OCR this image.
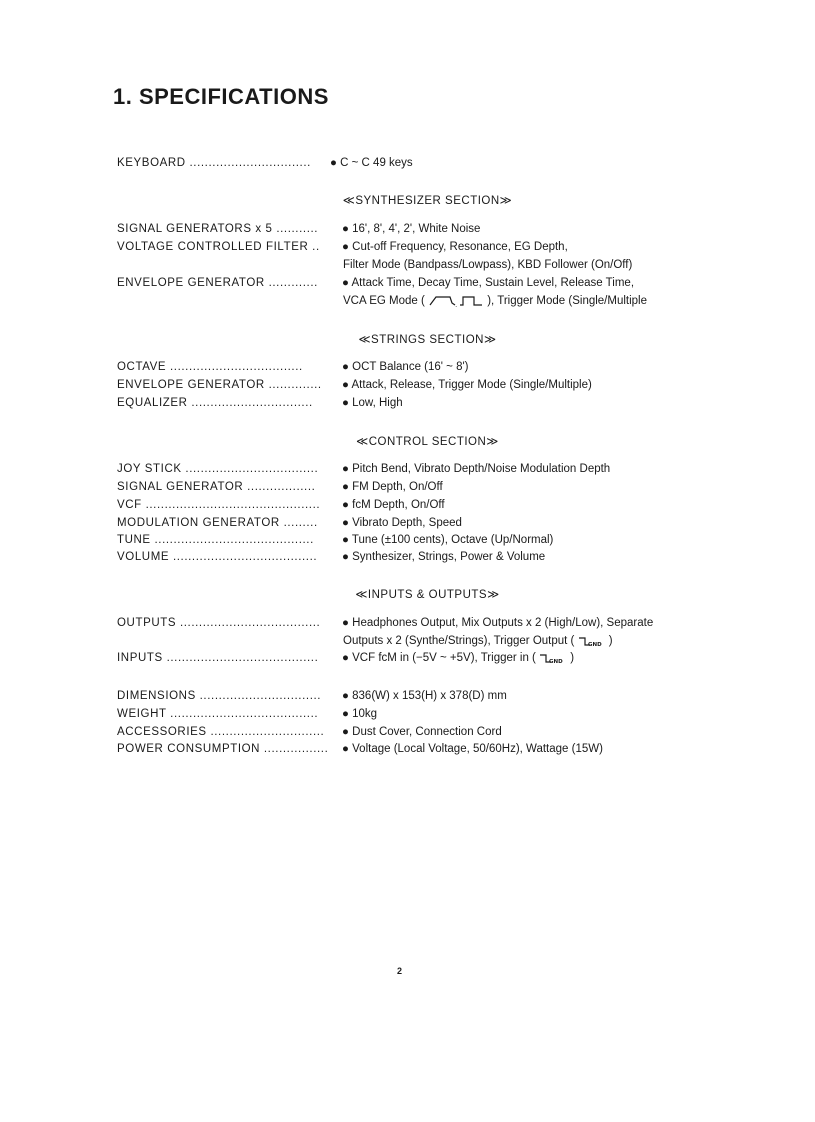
1. SPECIFICATIONS
KEYBOARD ................................ ● C ~ C 49 keys
≪SYNTHESIZER SECTION≫
SIGNAL GENERATORS x 5 ........... ● 16', 8', 4', 2', White Noise
VOLTAGE CONTROLLED FILTER .. ● Cut-off Frequency, Resonance, EG Depth,
Filter Mode (Bandpass/Lowpass), KBD Follower (On/Off)
ENVELOPE GENERATOR ............. ● Attack Time, Decay Time, Sustain Level, Release Time,
VCA EG Mode (	,	), Trigger Mode (Single/Multiple
≪STRINGS SECTION≫
OCTAVE ...................................	● OCT Balance (16' ~ 8')
ENVELOPE GENERATOR .............. ● Attack, Release, Trigger Mode (Single/Multiple)
EQUALIZER ................................	● Low, High
≪CONTROL SECTION≫
JOY STICK ................................... ● Pitch Bend, Vibrato Depth/Noise Modulation Depth
SIGNAL GENERATOR .................. ● FM Depth, On/Off
VCF .............................................. ● fcM Depth, On/Off
MODULATION GENERATOR ......... ● Vibrato Depth, Speed
TUNE .......................................... ● Tune (±100 cents), Octave (Up/Normal)
VOLUME ...................................... ● Synthesizer, Strings, Power & Volume
≪INPUTS & OUTPUTS≫
OUTPUTS ..................................... ● Headphones Output, Mix Outputs x 2 (High/Low), Separate
Outputs x 2 (Synthe/Strings), Trigger Output ( GND )
INPUTS ........................................ ● VCF fcM in (−5V ~ +5V), Trigger in ( GND )
DIMENSIONS ................................ ● 836(W) x 153(H) x 378(D) mm
WEIGHT ....................................... ● 10kg
ACCESSORIES .............................. ● Dust Cover, Connection Cord
POWER CONSUMPTION ................. ● Voltage (Local Voltage, 50/60Hz), Wattage (15W)
2
